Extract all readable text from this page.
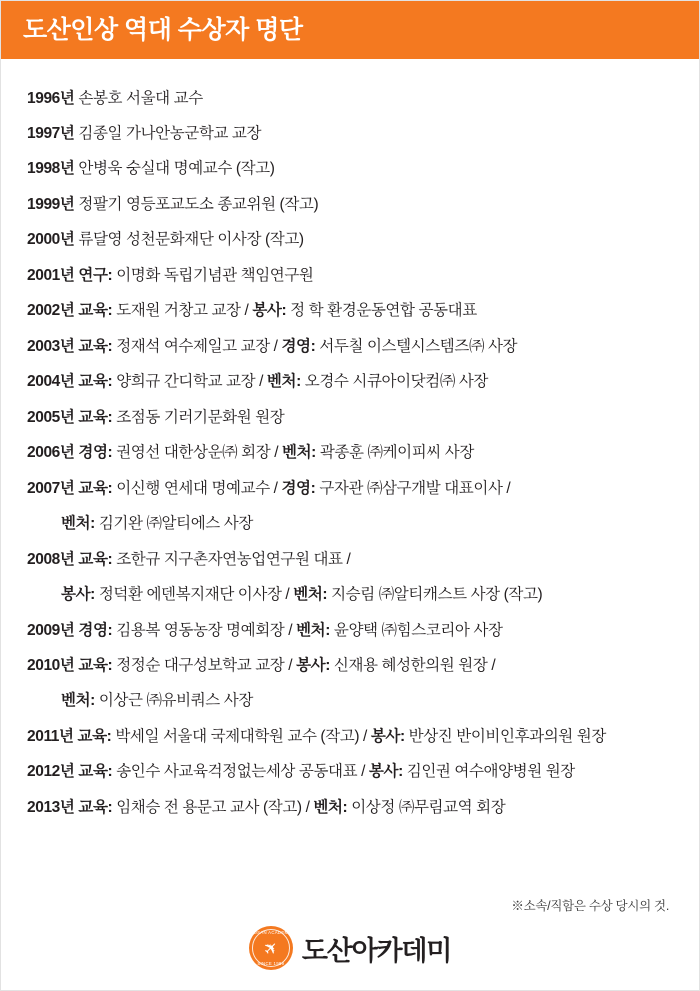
도산인상 역대 수상자 명단
1996년 손봉호 서울대 교수
1997년 김종일 가나안농군학교 교장
1998년 안병욱 숭실대 명예교수 (작고)
1999년 정팔기 영등포교도소 종교위원 (작고)
2000년 류달영 성천문화재단 이사장 (작고)
2001년 연구: 이명화 독립기념관 책임연구원
2002년 교육: 도재원 거창고 교장 / 봉사: 정 학 환경운동연합 공동대표
2003년 교육: 정재석 여수제일고 교장 / 경영: 서두칠 이스텔시스템즈㈜ 사장
2004년 교육: 양희규 간디학교 교장 / 벤처: 오경수 시큐아이닷컴㈜ 사장
2005년 교육: 조점동 기러기문화원 원장
2006년 경영: 권영선 대한상운㈜ 회장 / 벤처: 곽종훈 ㈜케이피씨 사장
2007년 교육: 이신행 연세대 명예교수 / 경영: 구자관 ㈜삼구개발 대표이사 /
벤처: 김기완 ㈜알티에스 사장
2008년 교육: 조한규 지구촌자연농업연구원 대표 /
봉사: 정덕환 에덴복지재단 이사장 / 벤처: 지승림 ㈜알티캐스트 사장 (작고)
2009년 경영: 김용복 영동농장 명예회장 / 벤처: 윤양택 ㈜힘스코리아 사장
2010년 교육: 정정순 대구성보학교 교장 / 봉사: 신재용 혜성한의원 원장 /
벤처: 이상근 ㈜유비쿼스 사장
2011년 교육: 박세일 서울대 국제대학원 교수 (작고) / 봉사: 반상진 반이비인후과의원 원장
2012년 교육: 송인수 사교육걱정없는세상 공동대표 / 봉사: 김인권 여수애양병원 원장
2013년 교육: 임채승 전 용문고 교사 (작고) / 벤처: 이상정 ㈜무림교역 회장
※소속/직함은 수상 당시의 것.
DOSAN ACADEMY
✈
SINCE 1989 도산아카데미
